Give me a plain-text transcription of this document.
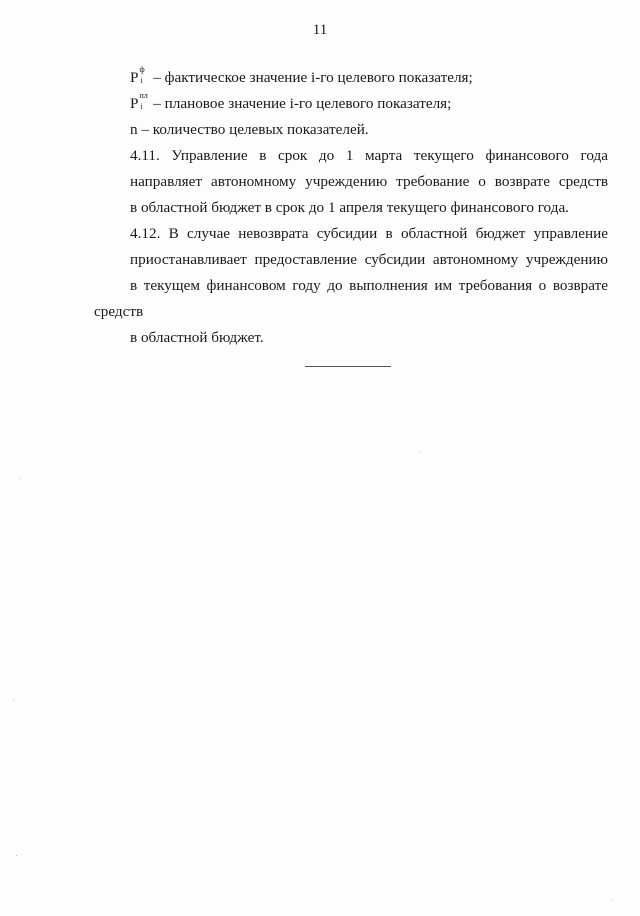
11
P ф
i – фактическое значение i-го целевого показателя;
P пл
i – плановое значение i-го целевого показателя;
n – количество целевых показателей.
4.11. Управление в срок до 1 марта текущего финансового года
направляет автономному учреждению требование о возврате средств
в областной бюджет в срок до 1 апреля текущего финансового года.
4.12. В случае невозврата субсидии в областной бюджет управление
приостанавливает предоставление субсидии автономному учреждению
в текущем финансовом году до выполнения им требования о возврате средств
в областной бюджет.
